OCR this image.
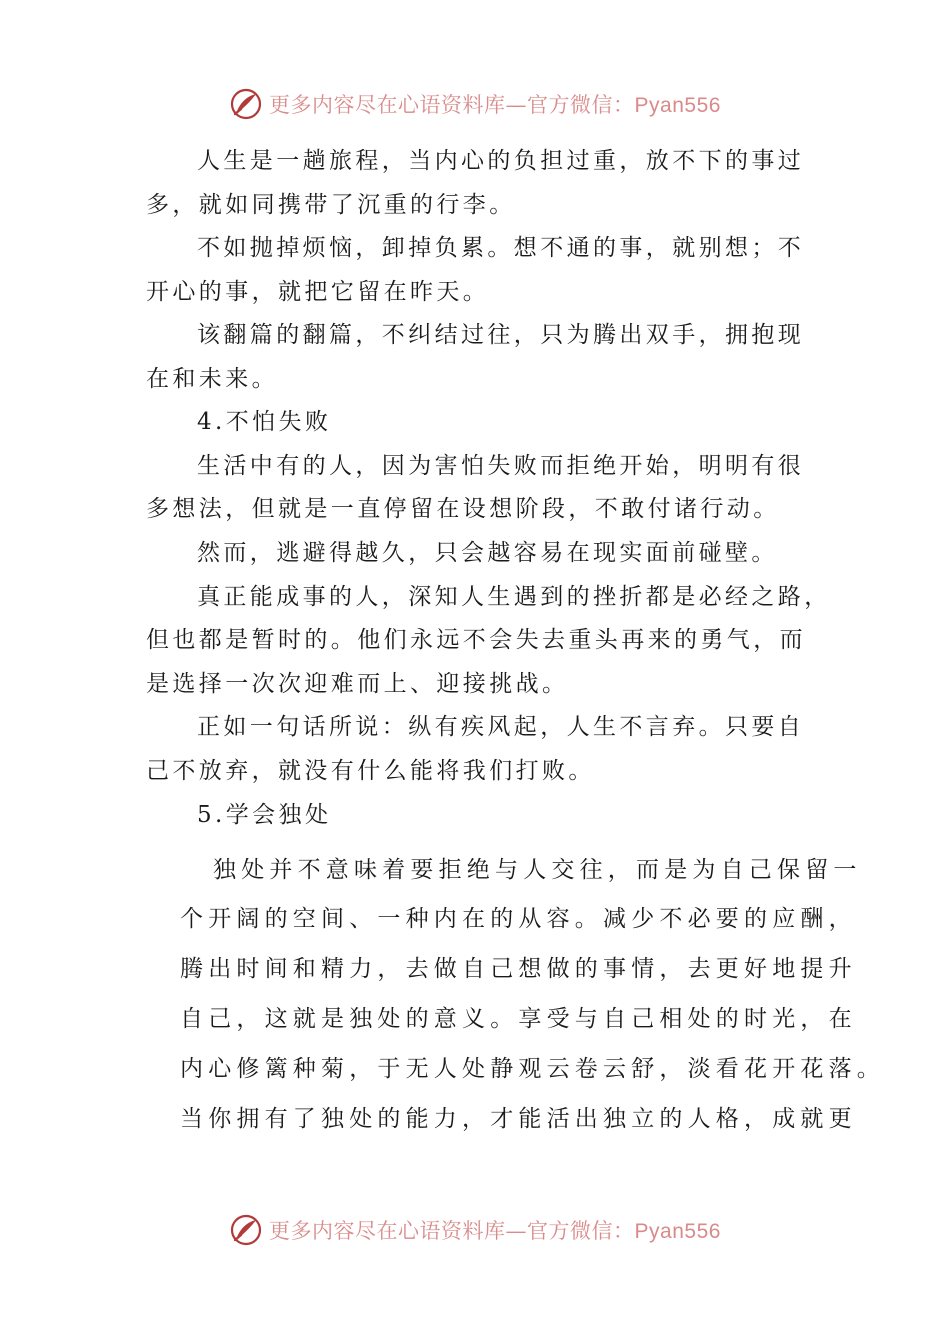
更多内容尽在心语资料库—官方微信：Pyan556
人生是一趟旅程，当内心的负担过重，放不下的事过
多，就如同携带了沉重的行李。
不如抛掉烦恼，卸掉负累。想不通的事，就别想；不
开心的事，就把它留在昨天。
该翻篇的翻篇，不纠结过往，只为腾出双手，拥抱现
在和未来。
4.不怕失败
生活中有的人，因为害怕失败而拒绝开始，明明有很
多想法，但就是一直停留在设想阶段，不敢付诸行动。
然而，逃避得越久，只会越容易在现实面前碰壁。
真正能成事的人，深知人生遇到的挫折都是必经之路，
但也都是暂时的。他们永远不会失去重头再来的勇气，而
是选择一次次迎难而上、迎接挑战。
正如一句话所说：纵有疾风起，人生不言弃。只要自
己不放弃，就没有什么能将我们打败。
5.学会独处
独处并不意味着要拒绝与人交往，而是为自己保留一
个开阔的空间、一种内在的从容。减少不必要的应酬，
腾出时间和精力，去做自己想做的事情，去更好地提升
自己，这就是独处的意义。享受与自己相处的时光，在
内心修篱种菊，于无人处静观云卷云舒，淡看花开花落。
当你拥有了独处的能力，才能活出独立的人格，成就更
更多内容尽在心语资料库—官方微信：Pyan556
